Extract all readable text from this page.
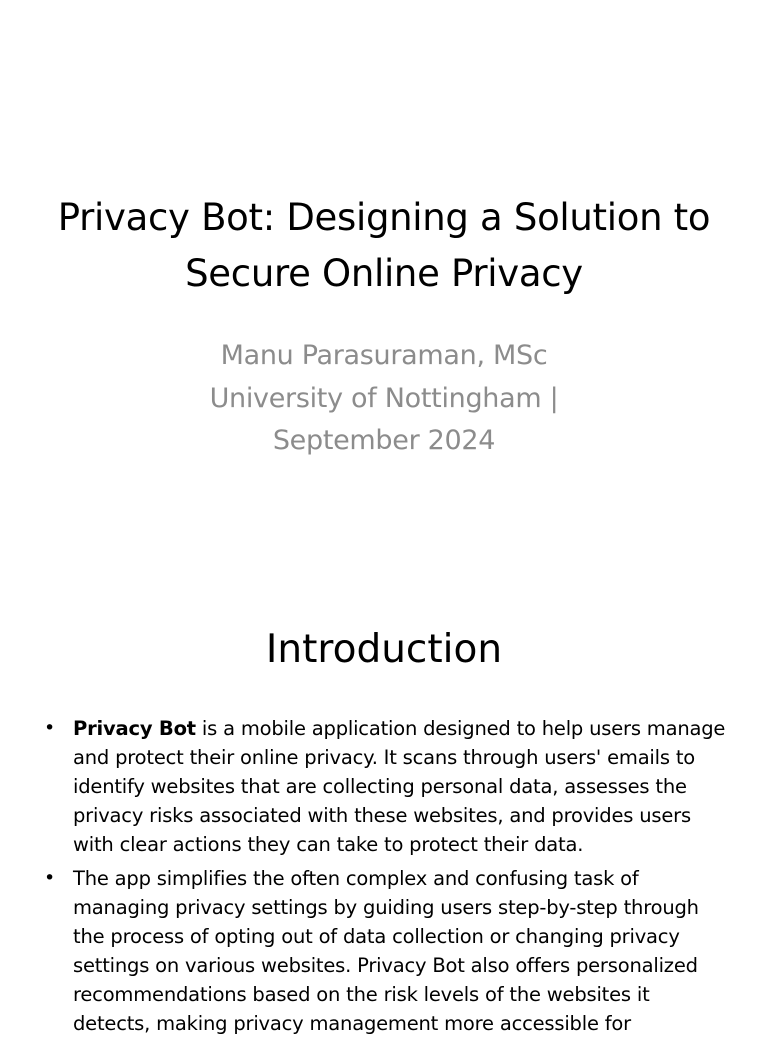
Privacy Bot: Designing a Solution to Secure Online Privacy
Manu Parasuraman, MSc
University of Nottingham |
September 2024
Introduction
• Privacy Bot is a mobile application designed to help users manage and protect their online privacy. It scans through users' emails to identify websites that are collecting personal data, assesses the privacy risks associated with these websites, and provides users with clear actions they can take to protect their data.
• The app simplifies the often complex and confusing task of managing privacy settings by guiding users step-by-step through the process of opting out of data collection or changing privacy settings on various websites. Privacy Bot also offers personalized recommendations based on the risk levels of the websites it detects, making privacy management more accessible for
